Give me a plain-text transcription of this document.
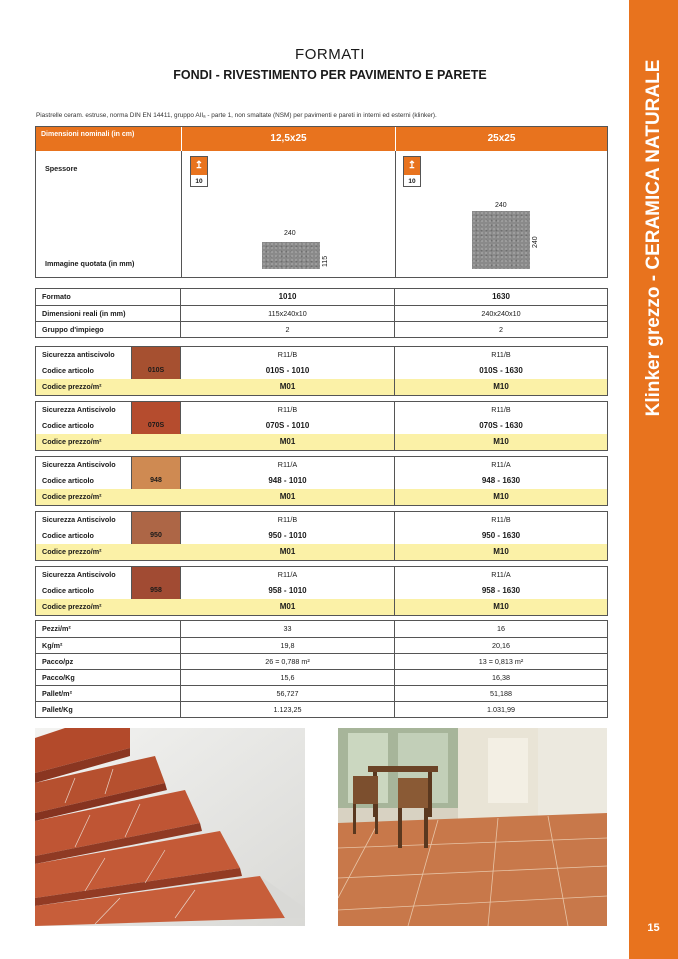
Klinker grezzo - CERAMICA NATURALE
15
FORMATI
FONDI - RIVESTIMENTO PER PAVIMENTO E PARETE
Piastrelle ceram. estruse, norma DIN EN 14411, gruppo AIIₐ - parte 1, non smaltate (NSM) per pavimenti e pareti in interni ed esterni (klinker).
Dimensioni nominali (in cm)	12,5x25	25x25
Spessore
Immagine quotata (in mm)
↥
10
↥
10
240
115
240
240
Formato	1010	1630
Dimensioni reali (in mm)	115x240x10	240x240x10
Gruppo d'impiego	2	2
010S
Sicurezza antiscivolo	R11/B	R11/B
Codice articolo	010S - 1010	010S - 1630
Codice prezzo/m²	M01	M10
070S
Sicurezza Antiscivolo	R11/B	R11/B
Codice articolo	070S - 1010	070S - 1630
Codice prezzo/m²	M01	M10
948
Sicurezza Antiscivolo	R11/A	R11/A
Codice articolo	948 - 1010	948 - 1630
Codice prezzo/m²	M01	M10
950
Sicurezza Antiscivolo	R11/B	R11/B
Codice articolo	950 - 1010	950 - 1630
Codice prezzo/m²	M01	M10
958
Sicurezza Antiscivolo	R11/A	R11/A
Codice articolo	958 - 1010	958 - 1630
Codice prezzo/m²	M01	M10
Pezzi/m²	33	16
Kg/m²	19,8	20,16
Pacco/pz	26 = 0,788 m²	13 = 0,813 m²
Pacco/Kg	15,6	16,38
Pallet/m²	56,727	51,188
Pallet/Kg	1.123,25	1.031,99
